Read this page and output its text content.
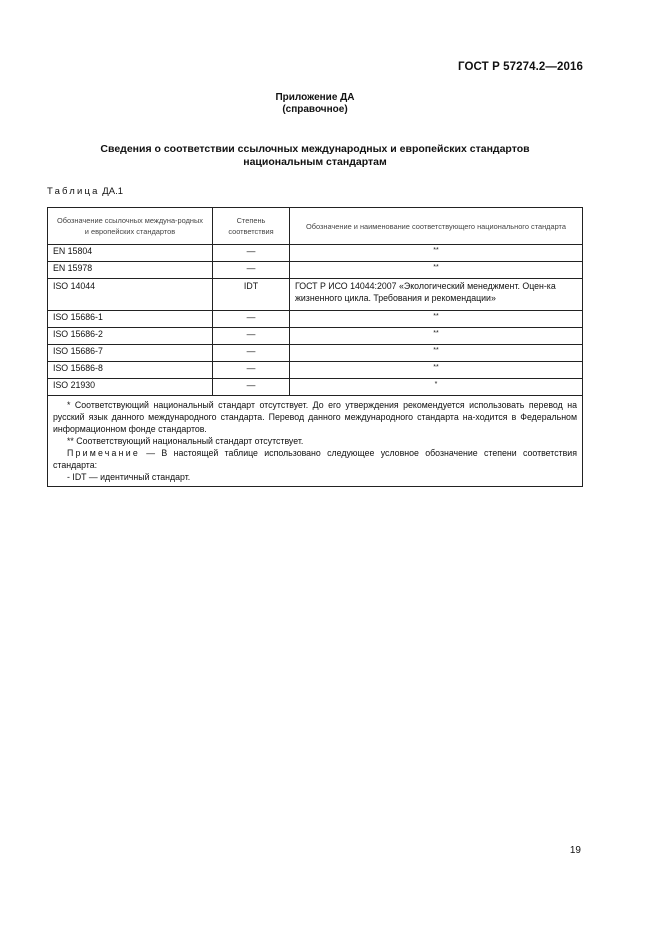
ГОСТ Р 57274.2—2016
Приложение ДА
(справочное)
Сведения о соответствии ссылочных международных и европейских стандартов
национальным стандартам
Таблица ДА.1
Обозначение ссылочных междуна-родных и европейских стандартов	Степень соответствия	Обозначение и наименование соответствующего национального стандарта
EN 15804	—	**
EN 15978	—	**
ISO 14044	IDT	ГОСТ Р ИСО 14044:2007 «Экологический менеджмент. Оцен-ка жизненного цикла. Требования и рекомендации»
ISO 15686-1	—	**
ISO 15686-2	—	**
ISO 15686-7	—	**
ISO 15686-8	—	**
ISO 21930	—	*

* Соответствующий национальный стандарт отсутствует. До его утверждения рекомендуется использовать перевод на русский язык данного международного стандарта. Перевод данного международного стандарта на-ходится в Федеральном информационном фонде стандартов.

** Соответствующий национальный стандарт отсутствует.

Примечание — В настоящей таблице использовано следующее условное обозначение степени соответствия стандарта:

- IDT — идентичный стандарт.		

19
